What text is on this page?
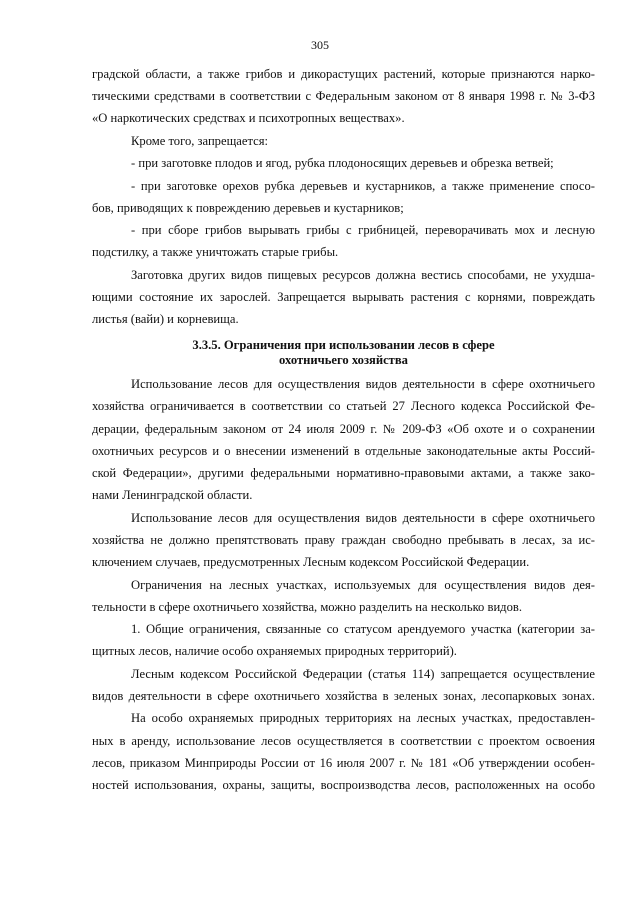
305
градской области, а также грибов и дикорастущих растений, которые признаются нарко-
тическими средствами в соответствии с Федеральным законом от 8 января 1998 г. № 3-ФЗ
«О наркотических средствах и психотропных веществах».
Кроме того, запрещается:
- при заготовке плодов и ягод, рубка плодоносящих деревьев и обрезка ветвей;
- при заготовке орехов рубка деревьев и кустарников, а также применение спосо-
бов, приводящих к повреждению деревьев и кустарников;
- при сборе грибов вырывать грибы с грибницей, переворачивать мох и лесную
подстилку, а также уничтожать старые грибы.
Заготовка других видов пищевых ресурсов должна вестись способами, не ухудша-
ющими состояние их зарослей. Запрещается вырывать растения с корнями, повреждать
листья (вайи) и корневища.
3.3.5. Ограничения при использовании лесов в сфере
охотничьего хозяйства
Использование лесов для осуществления видов деятельности в сфере охотничьего
хозяйства ограничивается в соответствии со статьей 27 Лесного кодекса Российской Фе-
дерации, федеральным законом от 24 июля 2009 г. № 209-ФЗ «Об охоте и о сохранении
охотничьих ресурсов и о внесении изменений в отдельные законодательные акты Россий-
ской Федерации», другими федеральными нормативно-правовыми актами, а также зако-
нами Ленинградской области.
Использование лесов для осуществления видов деятельности в сфере охотничьего
хозяйства не должно препятствовать праву граждан свободно пребывать в лесах, за ис-
ключением случаев, предусмотренных Лесным кодексом Российской Федерации.
Ограничения на лесных участках, используемых для осуществления видов дея-
тельности в сфере охотничьего хозяйства, можно разделить на несколько видов.
1. Общие ограничения, связанные со статусом арендуемого участка (категории за-
щитных лесов, наличие особо охраняемых природных территорий).
Лесным кодексом Российской Федерации (статья 114) запрещается осуществление
видов деятельности в сфере охотничьего хозяйства в зеленых зонах, лесопарковых зонах.
На особо охраняемых природных территориях на лесных участках, предоставлен-
ных в аренду, использование лесов осуществляется в соответствии с проектом освоения
лесов, приказом Минприроды России от 16 июля 2007 г. № 181 «Об утверждении особен-
ностей использования, охраны, защиты, воспроизводства лесов, расположенных на особо
